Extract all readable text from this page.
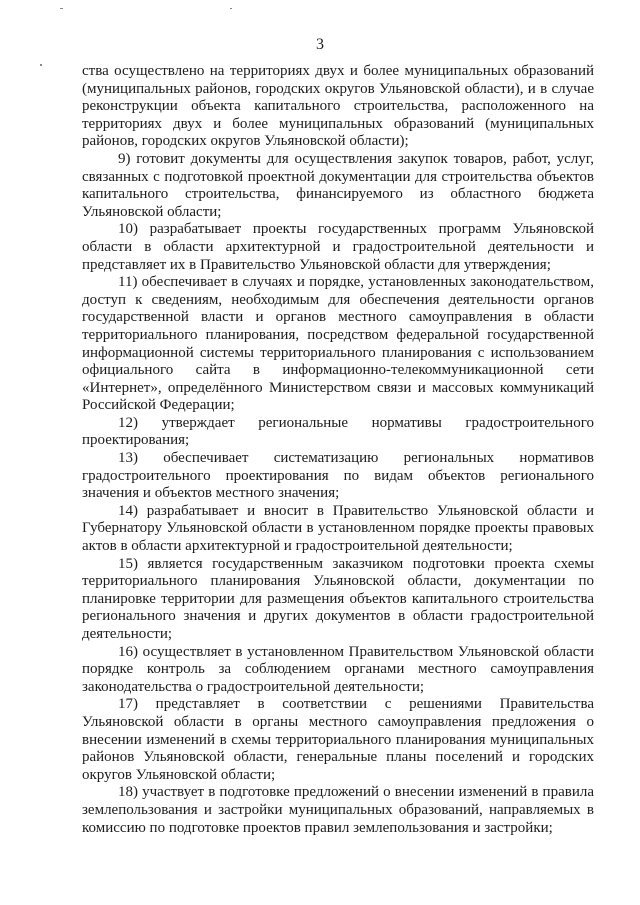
3

ства осуществлено на территориях двух и более муниципальных образований (муниципальных районов, городских округов Ульяновской области), и в случае реконструкции объекта капитального строительства, расположенного на территориях двух и более муниципальных образований (муниципальных районов, городских округов Ульяновской области);

9) готовит документы для осуществления закупок товаров, работ, услуг, связанных с подготовкой проектной документации для строительства объектов капитального строительства, финансируемого из областного бюджета Ульяновской области;

10) разрабатывает проекты государственных программ Ульяновской области в области архитектурной и градостроительной деятельности и представляет их в Правительство Ульяновской области для утверждения;

11) обеспечивает в случаях и порядке, установленных законодательством, доступ к сведениям, необходимым для обеспечения деятельности органов государственной власти и органов местного самоуправления в области территориального планирования, посредством федеральной государственной информационной системы территориального планирования с использованием официального сайта в информационно-телекоммуникационной сети «Интернет», определённого Министерством связи и массовых коммуникаций Российской Федерации;

12) утверждает региональные нормативы градостроительного проектирования;

13) обеспечивает систематизацию региональных нормативов градостроительного проектирования по видам объектов регионального значения и объектов местного значения;

14) разрабатывает и вносит в Правительство Ульяновской области и Губернатору Ульяновской области в установленном порядке проекты правовых актов в области архитектурной и градостроительной деятельности;

15) является государственным заказчиком подготовки проекта схемы территориального планирования Ульяновской области, документации по планировке территории для размещения объектов капитального строительства регионального значения и других документов в области градостроительной деятельности;

16) осуществляет в установленном Правительством Ульяновской области порядке контроль за соблюдением органами местного самоуправления законодательства о градостроительной деятельности;

17) представляет в соответствии с решениями Правительства Ульяновской области в органы местного самоуправления предложения о внесении изменений в схемы территориального планирования муниципальных районов Ульяновской области, генеральные планы поселений и городских округов Ульяновской области;

18) участвует в подготовке предложений о внесении изменений в правила землепользования и застройки муниципальных образований, направляемых в комиссию по подготовке проектов правил землепользования и застройки;
